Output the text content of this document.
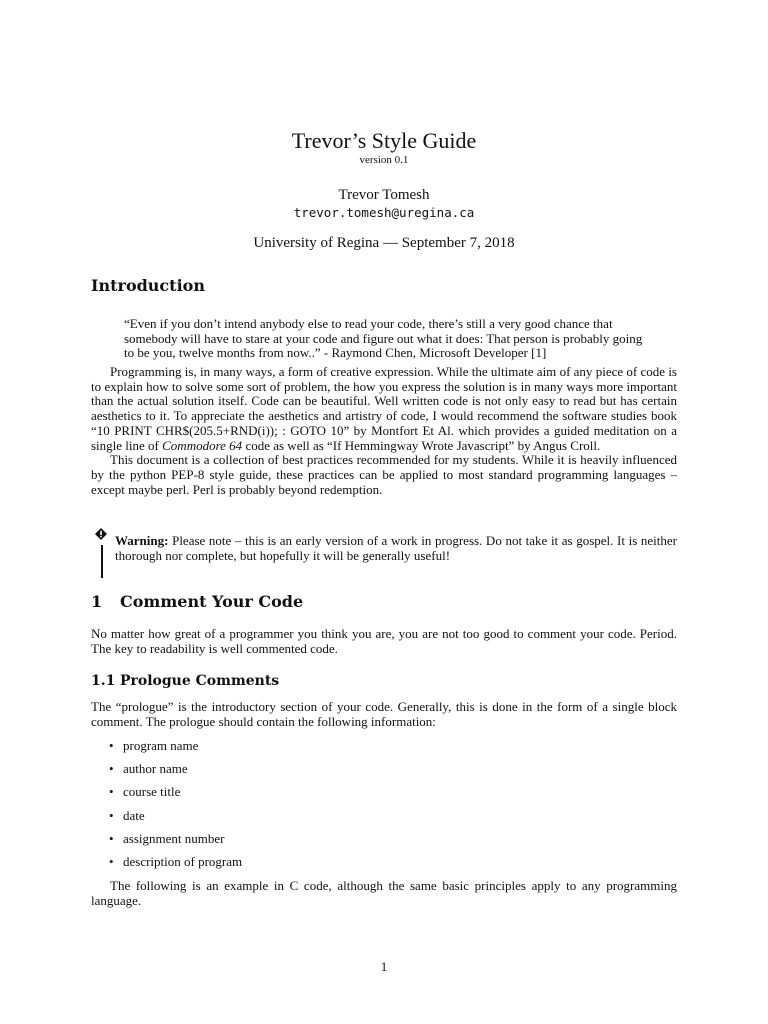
Trevor’s Style Guide
version 0.1
Trevor Tomesh
trevor.tomesh@uregina.ca
University of Regina — September 7, 2018
Introduction

“Even if you don’t intend anybody else to read your code, there’s still a very good chance that somebody will have to stare at your code and figure out what it does: That person is probably going to be you, twelve months from now..” - Raymond Chen, Microsoft Developer [1]

Programming is, in many ways, a form of creative expression. While the ultimate aim of any piece of code is to explain how to solve some sort of problem, the how you express the solution is in many ways more important than the actual solution itself. Code can be beautiful. Well written code is not only easy to read but has certain aesthetics to it. To appreciate the aesthetics and artistry of code, I would recommend the software studies book “10 PRINT CHR$(205.5+RND(i)); : GOTO 10” by Montfort Et Al. which provides a guided meditation on a single line of Commodore 64 code as well as “If Hemmingway Wrote Javascript” by Angus Croll.

This document is a collection of best practices recommended for my students. While it is heavily influenced by the python PEP-8 style guide, these practices can be applied to most standard programming languages – except maybe perl. Perl is probably beyond redemption.

Warning: Please note – this is an early version of a work in progress. Do not take it as gospel. It is neither thorough nor complete, but hopefully it will be generally useful!

1 Comment Your Code

No matter how great of a programmer you think you are, you are not too good to comment your code. Period. The key to readability is well commented code.

1.1 Prologue Comments

The “prologue” is the introductory section of your code. Generally, this is done in the form of a single block comment. The prologue should contain the following information:

• program name
• author name
• course title
• date
• assignment number
• description of program

The following is an example in C code, although the same basic principles apply to any programming language.

1
